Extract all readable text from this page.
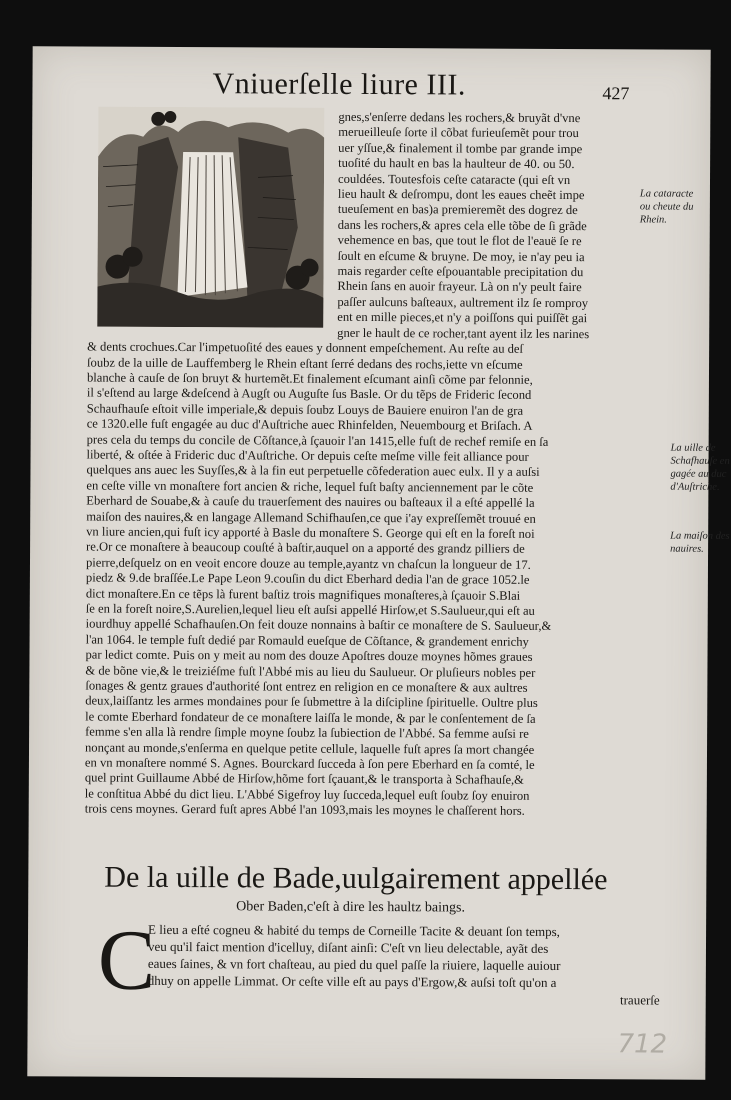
Vniuerſelle liure III.	427
gnes,s'enſerre dedans les rochers,& bruyãt d'vne
merueilleuſe ſorte il cõbat furieuſemẽt pour trou
uer yſſue,& finalement il tombe par grande impe
tuoſité du hault en bas la haulteur de 40. ou 50.
couldées. Toutesfois ceſte cataracte (qui eſt vn
lieu hault & deſrompu, dont les eaues cheẽt impe
tueuſement en bas)a premieremẽt des dogrez de
dans les rochers,& apres cela elle tõbe de ſi grãde
vehemence en bas, que tout le flot de l'eauë ſe re
ſoult en eſcume & bruyne. De moy, ie n'ay peu ia
mais regarder ceſte eſpouantable precipitation du
Rhein ſans en auoir frayeur. Là on n'y peult faire
paſſer aulcuns baſteaux, aultrement ilz ſe romproy
ent en mille pieces,et n'y a poiſſons qui puiſſẽt gai
gner le hault de ce rocher,tant ayent ilz les narines
& dents crochues.Car l'impetuoſité des eaues y donnent empeſchement. Au reſte au deſ
ſoubz de la uille de Lauffemberg le Rhein eſtant ſerré dedans des rochs,iette vn eſcume
blanche à cauſe de ſon bruyt & hurtemẽt.Et finalement eſcumant ainſi cõme par felonnie,
il s'eſtend au large &deſcend à Augſt ou Auguſte ſus Basle. Or du tẽps de Frideric ſecond
Schaufhauſe eſtoit ville imperiale,& depuis ſoubz Louys de Bauiere enuiron l'an de gra
ce 1320.elle fuſt engagée au duc d'Auſtriche auec Rhinfelden, Neuembourg et Briſach. A
pres cela du temps du concile de Cõſtance,à ſçauoir l'an 1415,elle fuſt de rechef remiſe en ſa
liberté, & oſtée à Frideric duc d'Auſtriche. Or depuis ceſte meſme ville feit alliance pour
quelques ans auec les Suyſſes,& à la fin eut perpetuelle cõfederation auec eulx. Il y a auſsi
en ceſte ville vn monaſtere fort ancien & riche, lequel fuſt baſty anciennement par le cõte
Eberhard de Souabe,& à cauſe du trauerſement des nauires ou baſteaux il a eſté appellé la
maiſon des nauires,& en langage Allemand Schifhauſen,ce que i'ay expreſſemẽt trouué en
vn liure ancien,qui fuſt icy apporté à Basle du monaſtere S. George qui eſt en la foreſt noi
re.Or ce monaſtere à beaucoup couſté à baſtir,auquel on a apporté des grandz pilliers de
pierre,deſquelz on en veoit encore douze au temple,ayantz vn chaſcun la longueur de 17.
piedz & 9.de braſſée.Le Pape Leon 9.couſin du dict Eberhard dedia l'an de grace 1052.le
dict monaſtere.En ce tẽps là furent baſtiz trois magnifiques monaſteres,à ſçauoir S.Blai
ſe en la foreſt noire,S.Aurelien,lequel lieu eſt auſsi appellé Hirſow,et S.Saulueur,qui eſt au
iourdhuy appellé Schafhauſen.On feit douze nonnains à baſtir ce monaſtere de S. Saulueur,&
l'an 1064. le temple fuſt dedié par Romauld eueſque de Cõſtance, & grandement enrichy
par ledict comte. Puis on y meit au nom des douze Apoſtres douze moynes hõmes graues
& de bõne vie,& le treiziéſme fuſt l'Abbé mis au lieu du Saulueur. Or pluſieurs nobles per
ſonages & gentz graues d'authorité ſont entrez en religion en ce monaſtere & aux aultres
deux,laiſſantz les armes mondaines pour ſe ſubmettre à la diſcipline ſpirituelle. Oultre plus
le comte Eberhard fondateur de ce monaſtere laiſſa le monde, & par le conſentement de ſa
femme s'en alla là rendre ſimple moyne ſoubz la ſubiection de l'Abbé. Sa femme auſsi re
nonçant au monde,s'enſerma en quelque petite cellule, laquelle fuſt apres ſa mort changée
en vn monaſtere nommé S. Agnes. Bourckard ſucceda à ſon pere Eberhard en ſa comté, le
quel print Guillaume Abbé de Hirſow,hõme fort ſçauant,& le transporta à Schafhauſe,&
le conſtitua Abbé du dict lieu. L'Abbé Sigefroy luy ſucceda,lequel euſt ſoubz ſoy enuiron
trois cens moynes. Gerard fuſt apres Abbé l'an 1093,mais les moynes le chaſſerent hors.
La cataracte
ou cheute du
Rhein.
La uille de
Schafhauſe en
gagée au duc
d'Auſtriche.
La maiſon des
nauires.
De la uille de Bade,uulgairement appellée
Ober Baden,c'eſt à dire les haultz baings.
C
E lieu a eſté cogneu & habité du temps de Corneille Tacite & deuant ſon temps,
veu qu'il faict mention d'icelluy, diſant ainſi: C'eſt vn lieu delectable, ayãt des
eaues ſaines, & vn fort chaſteau, au pied du quel paſſe la riuiere, laquelle auiour
dhuy on appelle Limmat. Or ceſte ville eſt au pays d'Ergow,& auſsi toſt qu'on a
trauerſe
712
